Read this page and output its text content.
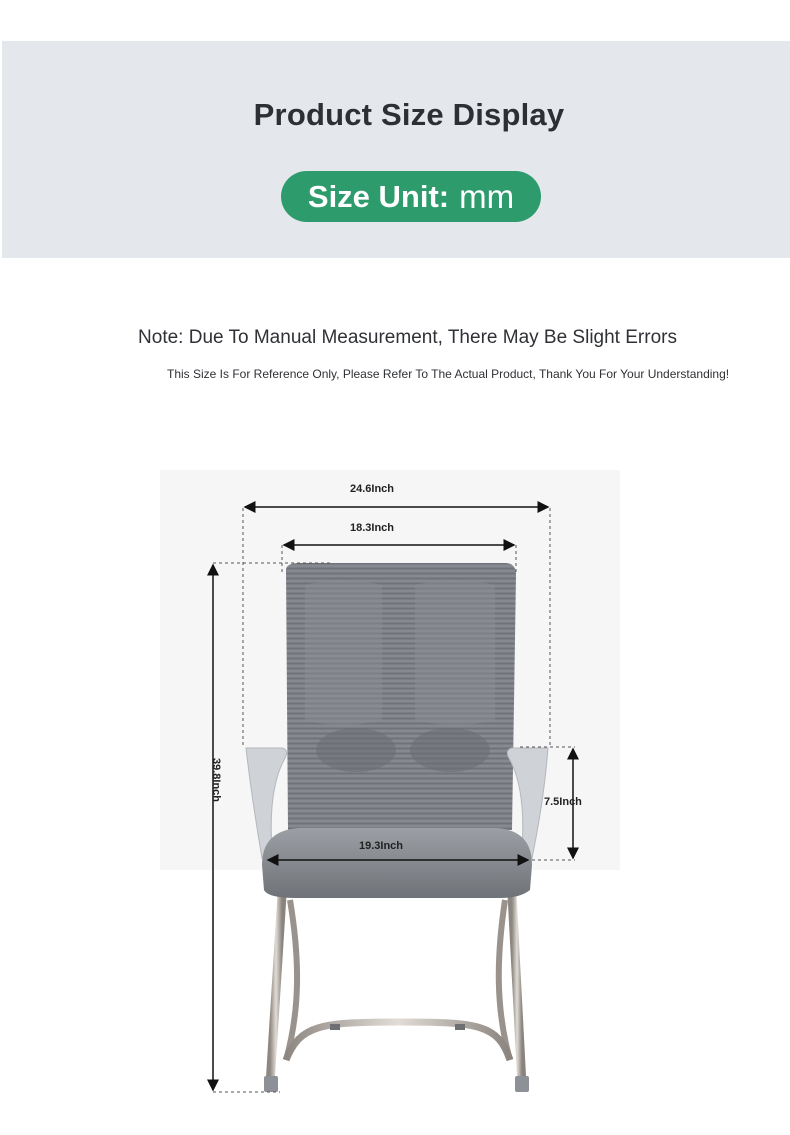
Product Size Display
Size Unit: mm
Note: Due To Manual Measurement, There May Be Slight Errors
This Size Is For Reference Only, Please Refer To The Actual Product, Thank You For Your Understanding!
24.6Inch
18.3Inch
19.3Inch
7.5Inch
39.8Inch
